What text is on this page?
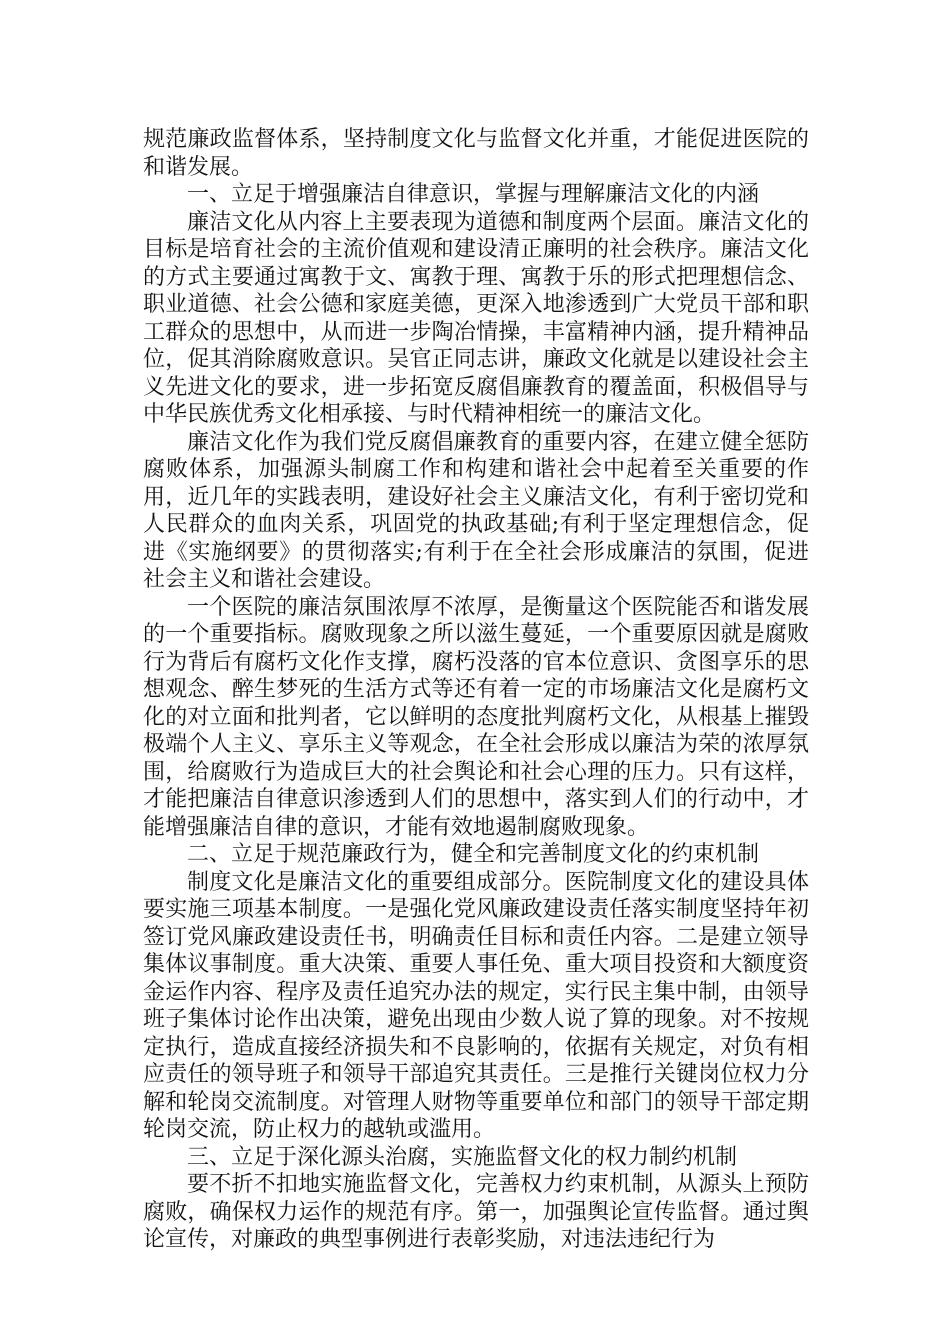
规范廉政监督体系，坚持制度文化与监督文化并重，才能促进医院的和谐发展。

一、立足于增强廉洁自律意识，掌握与理解廉洁文化的内涵

廉洁文化从内容上主要表现为道德和制度两个层面。廉洁文化的目标是培育社会的主流价值观和建设清正廉明的社会秩序。廉洁文化的方式主要通过寓教于文、寓教于理、寓教于乐的形式把理想信念、职业道德、社会公德和家庭美德，更深入地渗透到广大党员干部和职工群众的思想中，从而进一步陶冶情操，丰富精神内涵，提升精神品位，促其消除腐败意识。吴官正同志讲，廉政文化就是以建设社会主义先进文化的要求，进一步拓宽反腐倡廉教育的覆盖面，积极倡导与中华民族优秀文化相承接、与时代精神相统一的廉洁文化。

廉洁文化作为我们党反腐倡廉教育的重要内容，在建立健全惩防腐败体系，加强源头制腐工作和构建和谐社会中起着至关重要的作用，近几年的实践表明，建设好社会主义廉洁文化，有利于密切党和人民群众的血肉关系，巩固党的执政基础;有利于坚定理想信念，促进《实施纲要》的贯彻落实;有利于在全社会形成廉洁的氛围，促进社会主义和谐社会建设。

一个医院的廉洁氛围浓厚不浓厚，是衡量这个医院能否和谐发展的一个重要指标。腐败现象之所以滋生蔓延，一个重要原因就是腐败行为背后有腐朽文化作支撑，腐朽没落的官本位意识、贪图享乐的思想观念、醉生梦死的生活方式等还有着一定的市场廉洁文化是腐朽文化的对立面和批判者，它以鲜明的态度批判腐朽文化，从根基上摧毁极端个人主义、享乐主义等观念，在全社会形成以廉洁为荣的浓厚氛围，给腐败行为造成巨大的社会舆论和社会心理的压力。只有这样，才能把廉洁自律意识渗透到人们的思想中，落实到人们的行动中，才能增强廉洁自律的意识，才能有效地遏制腐败现象。

二、立足于规范廉政行为，健全和完善制度文化的约束机制

制度文化是廉洁文化的重要组成部分。医院制度文化的建设具体要实施三项基本制度。一是强化党风廉政建设责任落实制度坚持年初签订党风廉政建设责任书，明确责任目标和责任内容。二是建立领导集体议事制度。重大决策、重要人事任免、重大项目投资和大额度资金运作内容、程序及责任追究办法的规定，实行民主集中制，由领导班子集体讨论作出决策，避免出现由少数人说了算的现象。对不按规定执行，造成直接经济损失和不良影响的，依据有关规定，对负有相应责任的领导班子和领导干部追究其责任。三是推行关键岗位权力分解和轮岗交流制度。对管理人财物等重要单位和部门的领导干部定期轮岗交流，防止权力的越轨或滥用。

三、立足于深化源头治腐，实施监督文化的权力制约机制

要不折不扣地实施监督文化，完善权力约束机制，从源头上预防腐败，确保权力运作的规范有序。第一，加强舆论宣传监督。通过舆论宣传，对廉政的典型事例进行表彰奖励，对违法违纪行为
